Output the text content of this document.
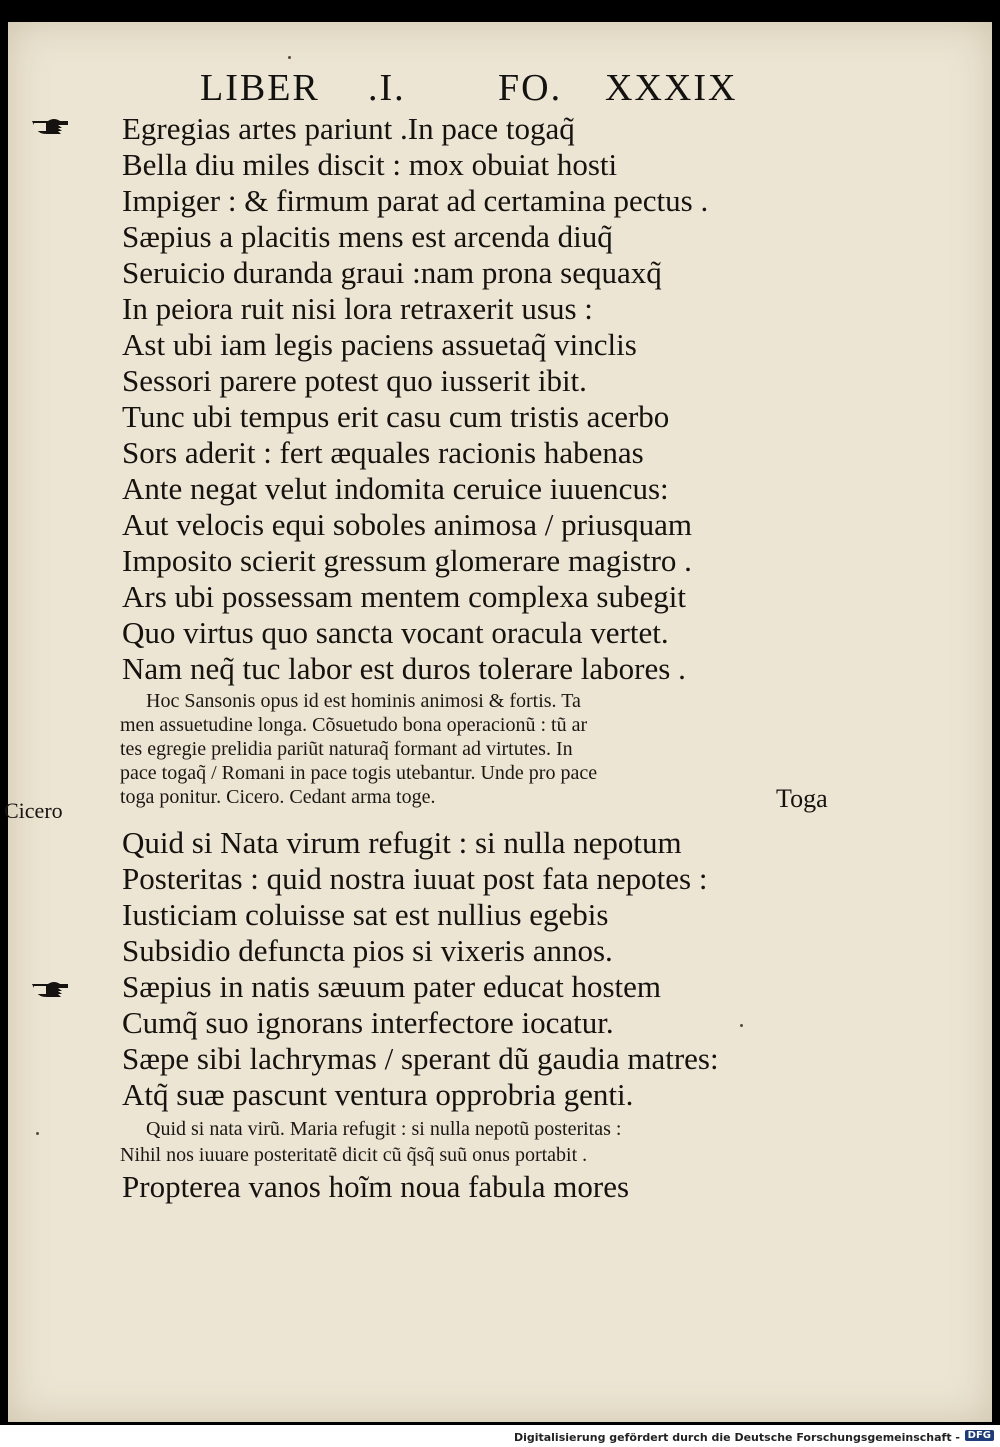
LIBER .I. FO. XXXIX
Egregias artes pariunt .In pace togaq̃
Bella diu miles discit : mox obuiat hosti
Impiger : & firmum parat ad certamina pectus .
Sæpius a placitis mens est arcenda diuq̃
Seruicio duranda graui :nam prona sequaxq̃
In peiora ruit nisi lora retraxerit usus :
Ast ubi iam legis paciens assuetaq̃ vinclis
Sessori parere potest quo iusserit ibit.
Tunc ubi tempus erit casu cum tristis acerbo
Sors aderit : fert æquales racionis habenas
Ante negat velut indomita ceruice iuuencus:
Aut velocis equi soboles animosa / priusquam
Imposito scierit gressum glomerare magistro .
Ars ubi possessam mentem complexa subegit
Quo virtus quo sancta vocant oracula vertet.
Nam neq̃ tuc labor est duros tolerare labores .
Hoc Sansonis opus id est hominis animosi & fortis. Ta
men assuetudine longa. Cõsuetudo bona operacionũ : tũ ar
tes egregie prelidia pariũt naturaq̃ formant ad virtutes. In
pace togaq̃ / Romani in pace togis utebantur. Unde pro pace
toga ponitur. Cicero. Cedant arma toge.
Cicero	Toga
Quid si Nata virum refugit : si nulla nepotum
Posteritas : quid nostra iuuat post fata nepotes :
Iusticiam coluisse sat est nullius egebis
Subsidio defuncta pios si vixeris annos.
Sæpius in natis sæuum pater educat hostem
Cumq̃ suo ignorans interfectore iocatur.
Sæpe sibi lachrymas / sperant dũ gaudia matres:
Atq̃ suæ pascunt ventura opprobria genti.
Quid si nata virũ. Maria refugit : si nulla nepotũ posteritas :
Nihil nos iuuare posteritatẽ dicit cũ q̃sq̃ suũ onus portabit .
Propterea vanos hoĩm noua fabula mores
Digitalisierung gefördert durch die Deutsche Forschungsgemeinschaft - DFG
